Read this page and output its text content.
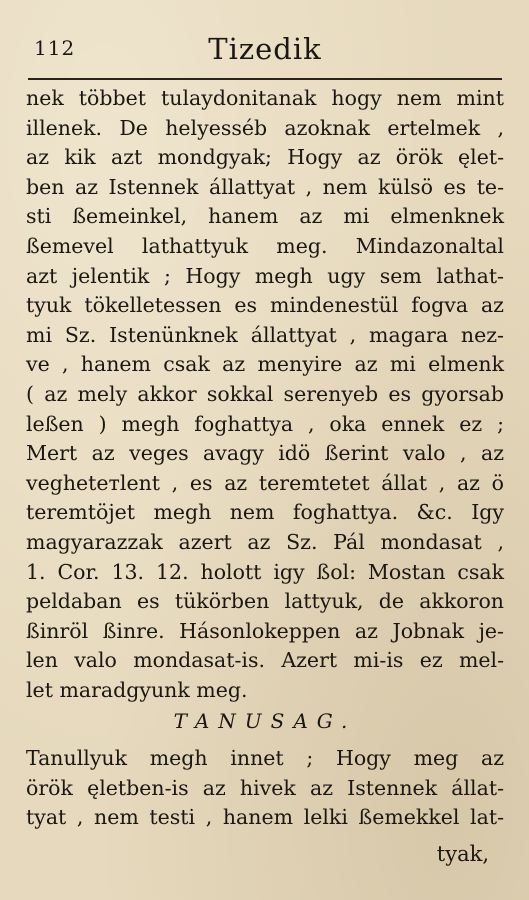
112	Tizedik
nek többet tulaydonitanak hogy nem mint
illenek. De helyesséb azoknak ertelmek ,
az kik azt mondgyak; Hogy az örök ęlet-
ben az Istennek állattyat , nem külsö es te-
sti ßemeinkel, hanem az mi elmenknek
ßemevel lathattyuk meg. Mindazonaltal
azt jelentik ; Hogy megh ugy sem lathat-
tyuk tökelletessen es mindenestül fogva az
mi Sz. Istenünknek állattyat , magara nez-
ve , hanem csak az menyire az mi elmenk
( az mely akkor sokkal serenyeb es gyorsab
leßen ) megh foghattya , oka ennek ez ;
Mert az veges avagy idö ßerint valo , az
vegheteтlent , es az teremtetet állat , az ö
teremtöjet megh nem foghattya. &c. Igy
magyarazzak azert az Sz. Pál mondasat ,
1. Cor. 13. 12. holott igy ßol: Mostan csak
peldaban es tükörben lattyuk, de akkoron
ßinröl ßinre. Hásonlokeppen az Jobnak je-
len valo mondasat-is. Azert mi-is ez mel-
let maradgyunk meg.
TANUSAG.
Tanullyuk megh innet ; Hogy meg az
örök ęletben-is az hivek az Istennek állat-
tyat , nem testi , hanem lelki ßemekkel lat-
tyak,
